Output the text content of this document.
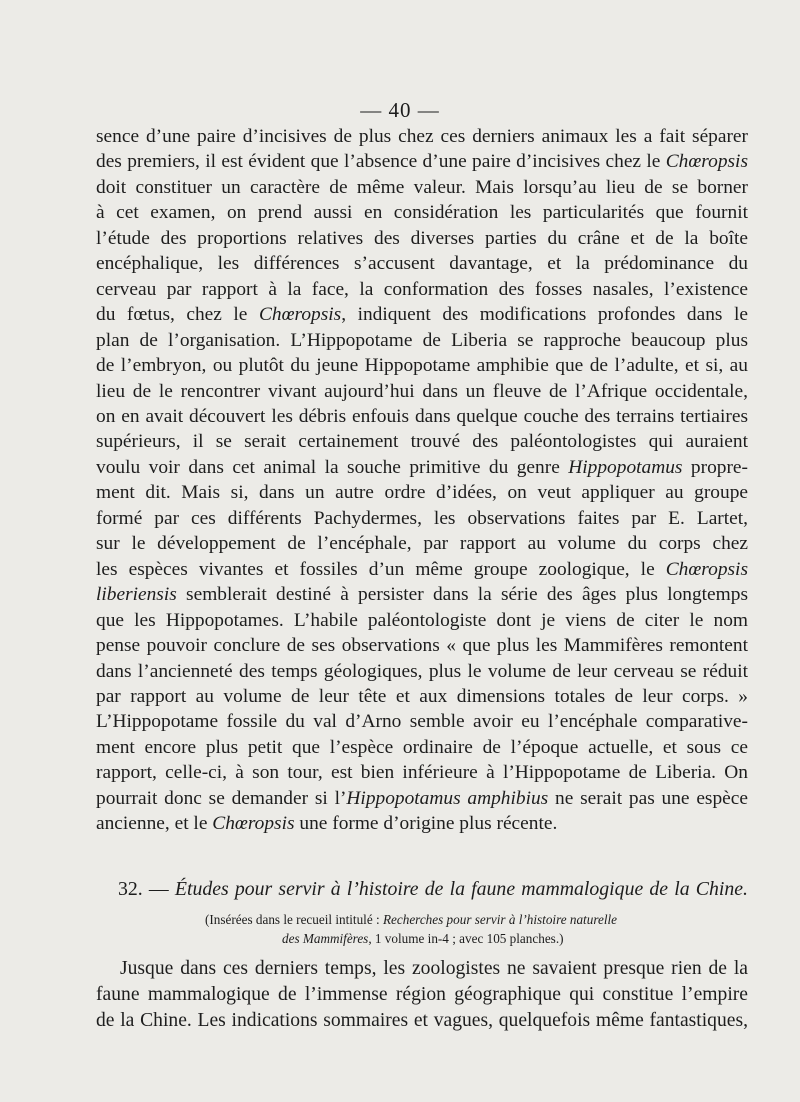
— 40 —
sence d’une paire d’incisives de plus chez ces derniers animaux les a fait séparer
des premiers, il est évident que l’absence d’une paire d’incisives chez le Chœropsis
doit constituer un caractère de même valeur. Mais lorsqu’au lieu de se borner
à cet examen, on prend aussi en considération les particularités que fournit
l’étude des proportions relatives des diverses parties du crâne et de la boîte
encéphalique, les différences s’accusent davantage, et la prédominance du
cerveau par rapport à la face, la conformation des fosses nasales, l’existence
du fœtus, chez le Chœropsis, indiquent des modifications profondes dans le
plan de l’organisation. L’Hippopotame de Liberia se rapproche beaucoup plus
de l’embryon, ou plutôt du jeune Hippopotame amphibie que de l’adulte, et si, au
lieu de le rencontrer vivant aujourd’hui dans un fleuve de l’Afrique occidentale,
on en avait découvert les débris enfouis dans quelque couche des terrains tertiaires
supérieurs, il se serait certainement trouvé des paléontologistes qui auraient
voulu voir dans cet animal la souche primitive du genre Hippopotamus propre-
ment dit. Mais si, dans un autre ordre d’idées, on veut appliquer au groupe
formé par ces différents Pachydermes, les observations faites par E. Lartet,
sur le développement de l’encéphale, par rapport au volume du corps chez
les espèces vivantes et fossiles d’un même groupe zoologique, le Chœropsis
liberiensis semblerait destiné à persister dans la série des âges plus longtemps
que les Hippopotames. L’habile paléontologiste dont je viens de citer le nom
pense pouvoir conclure de ses observations « que plus les Mammifères remontent
dans l’ancienneté des temps géologiques, plus le volume de leur cerveau se réduit
par rapport au volume de leur tête et aux dimensions totales de leur corps. »
L’Hippopotame fossile du val d’Arno semble avoir eu l’encéphale comparative-
ment encore plus petit que l’espèce ordinaire de l’époque actuelle, et sous ce
rapport, celle-ci, à son tour, est bien inférieure à l’Hippopotame de Liberia. On
pourrait donc se demander si l’Hippopotamus amphibius ne serait pas une espèce
ancienne, et le Chœropsis une forme d’origine plus récente.
32. — Études pour servir à l’histoire de la faune mammalogique de la Chine.
(Insérées dans le recueil intitulé : Recherches pour servir à l’histoire naturelle
des Mammifères, 1 volume in-4 ; avec 105 planches.)
Jusque dans ces derniers temps, les zoologistes ne savaient presque rien de la
faune mammalogique de l’immense région géographique qui constitue l’empire
de la Chine. Les indications sommaires et vagues, quelquefois même fantastiques,
